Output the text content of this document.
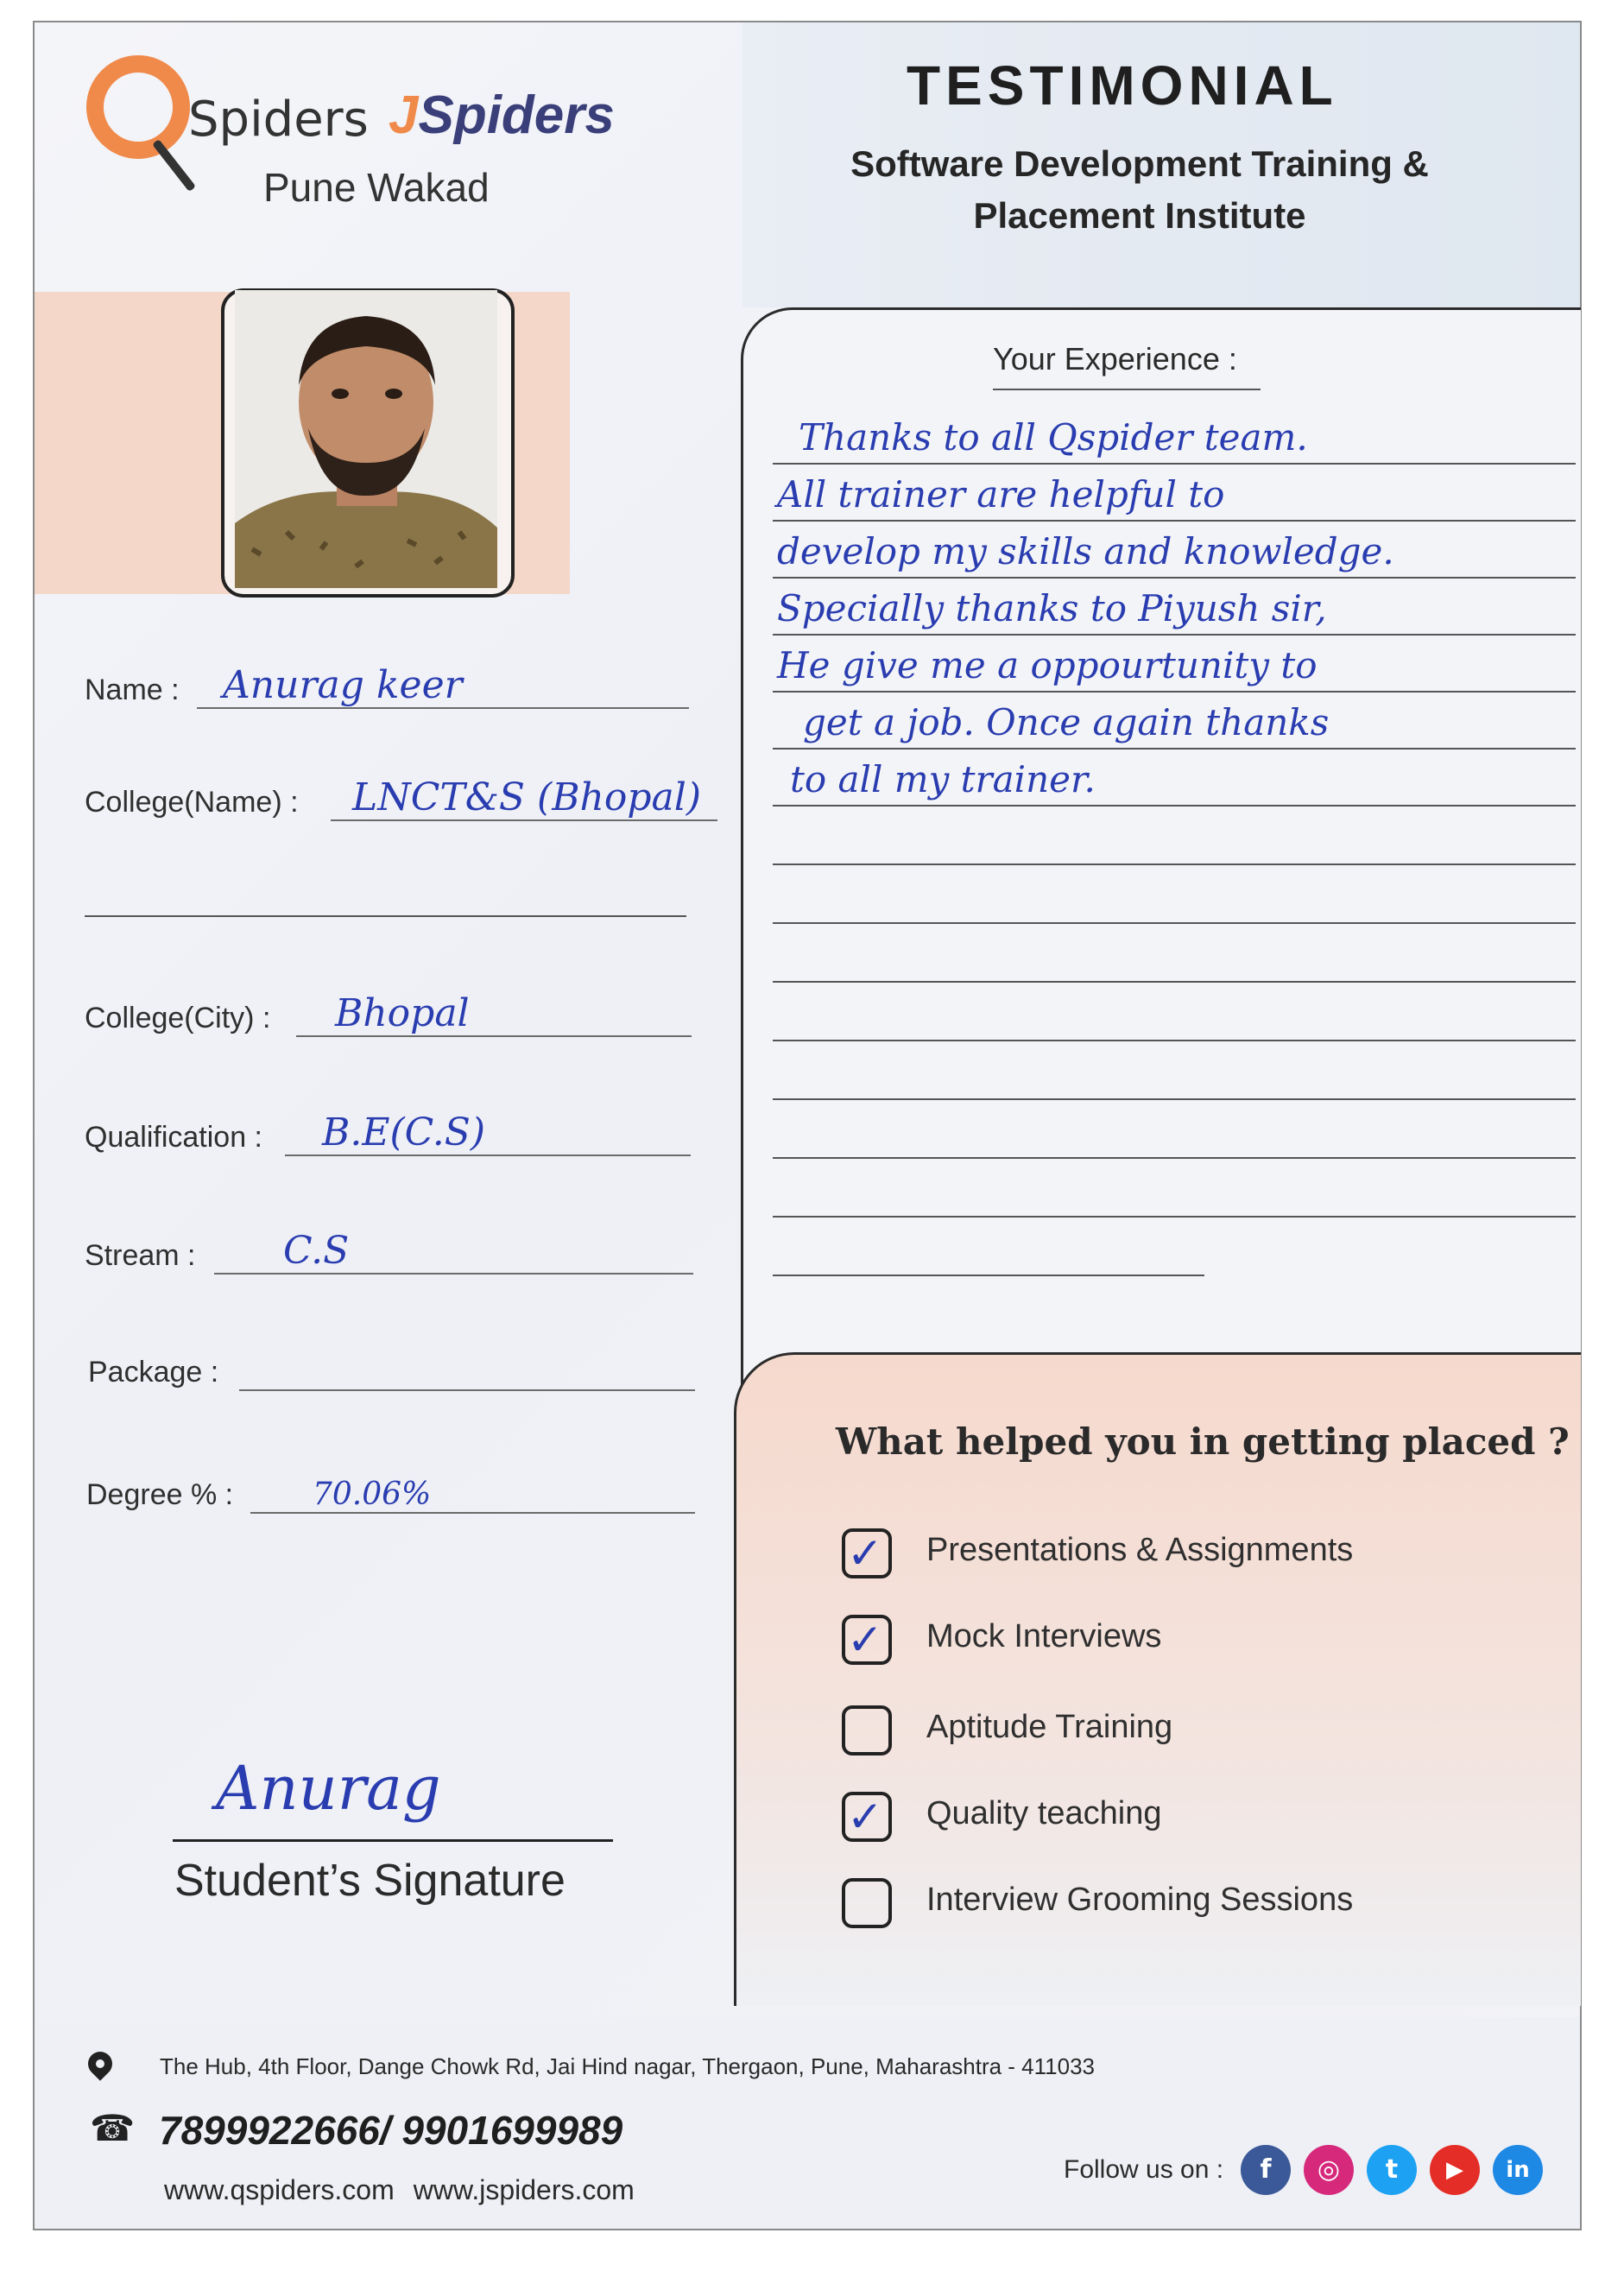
Spiders JSpiders
Pune Wakad
TESTIMONIAL
Software Development Training &
Placement Institute
Name : Anurag keer
College(Name) : LNCT&S (Bhopal)
College(City) : Bhopal
Qualification : B.E(C.S)
Stream : C.S
Package :
Degree % :	70.06%
Anurag
Student’s Signature
Your Experience :
Thanks to all Qspider team.
All trainer are helpful to
develop my skills and knowledge.
Specially thanks to Piyush sir,
He give me a oppourtunity to
get a job. Once again thanks
to all my trainer.
What helped you in getting placed ?
✓ Presentations & Assignments
✓ Mock Interviews
Aptitude Training
✓ Quality teaching
Interview Grooming Sessions
The Hub, 4th Floor, Dange Chowk Rd, Jai Hind nagar, Thergaon, Pune, Maharashtra - 411033
☎ 7899922666/ 9901699989
www.qspiders.com www.jspiders.com
Follow us on :	f	◎	t	▶	in
